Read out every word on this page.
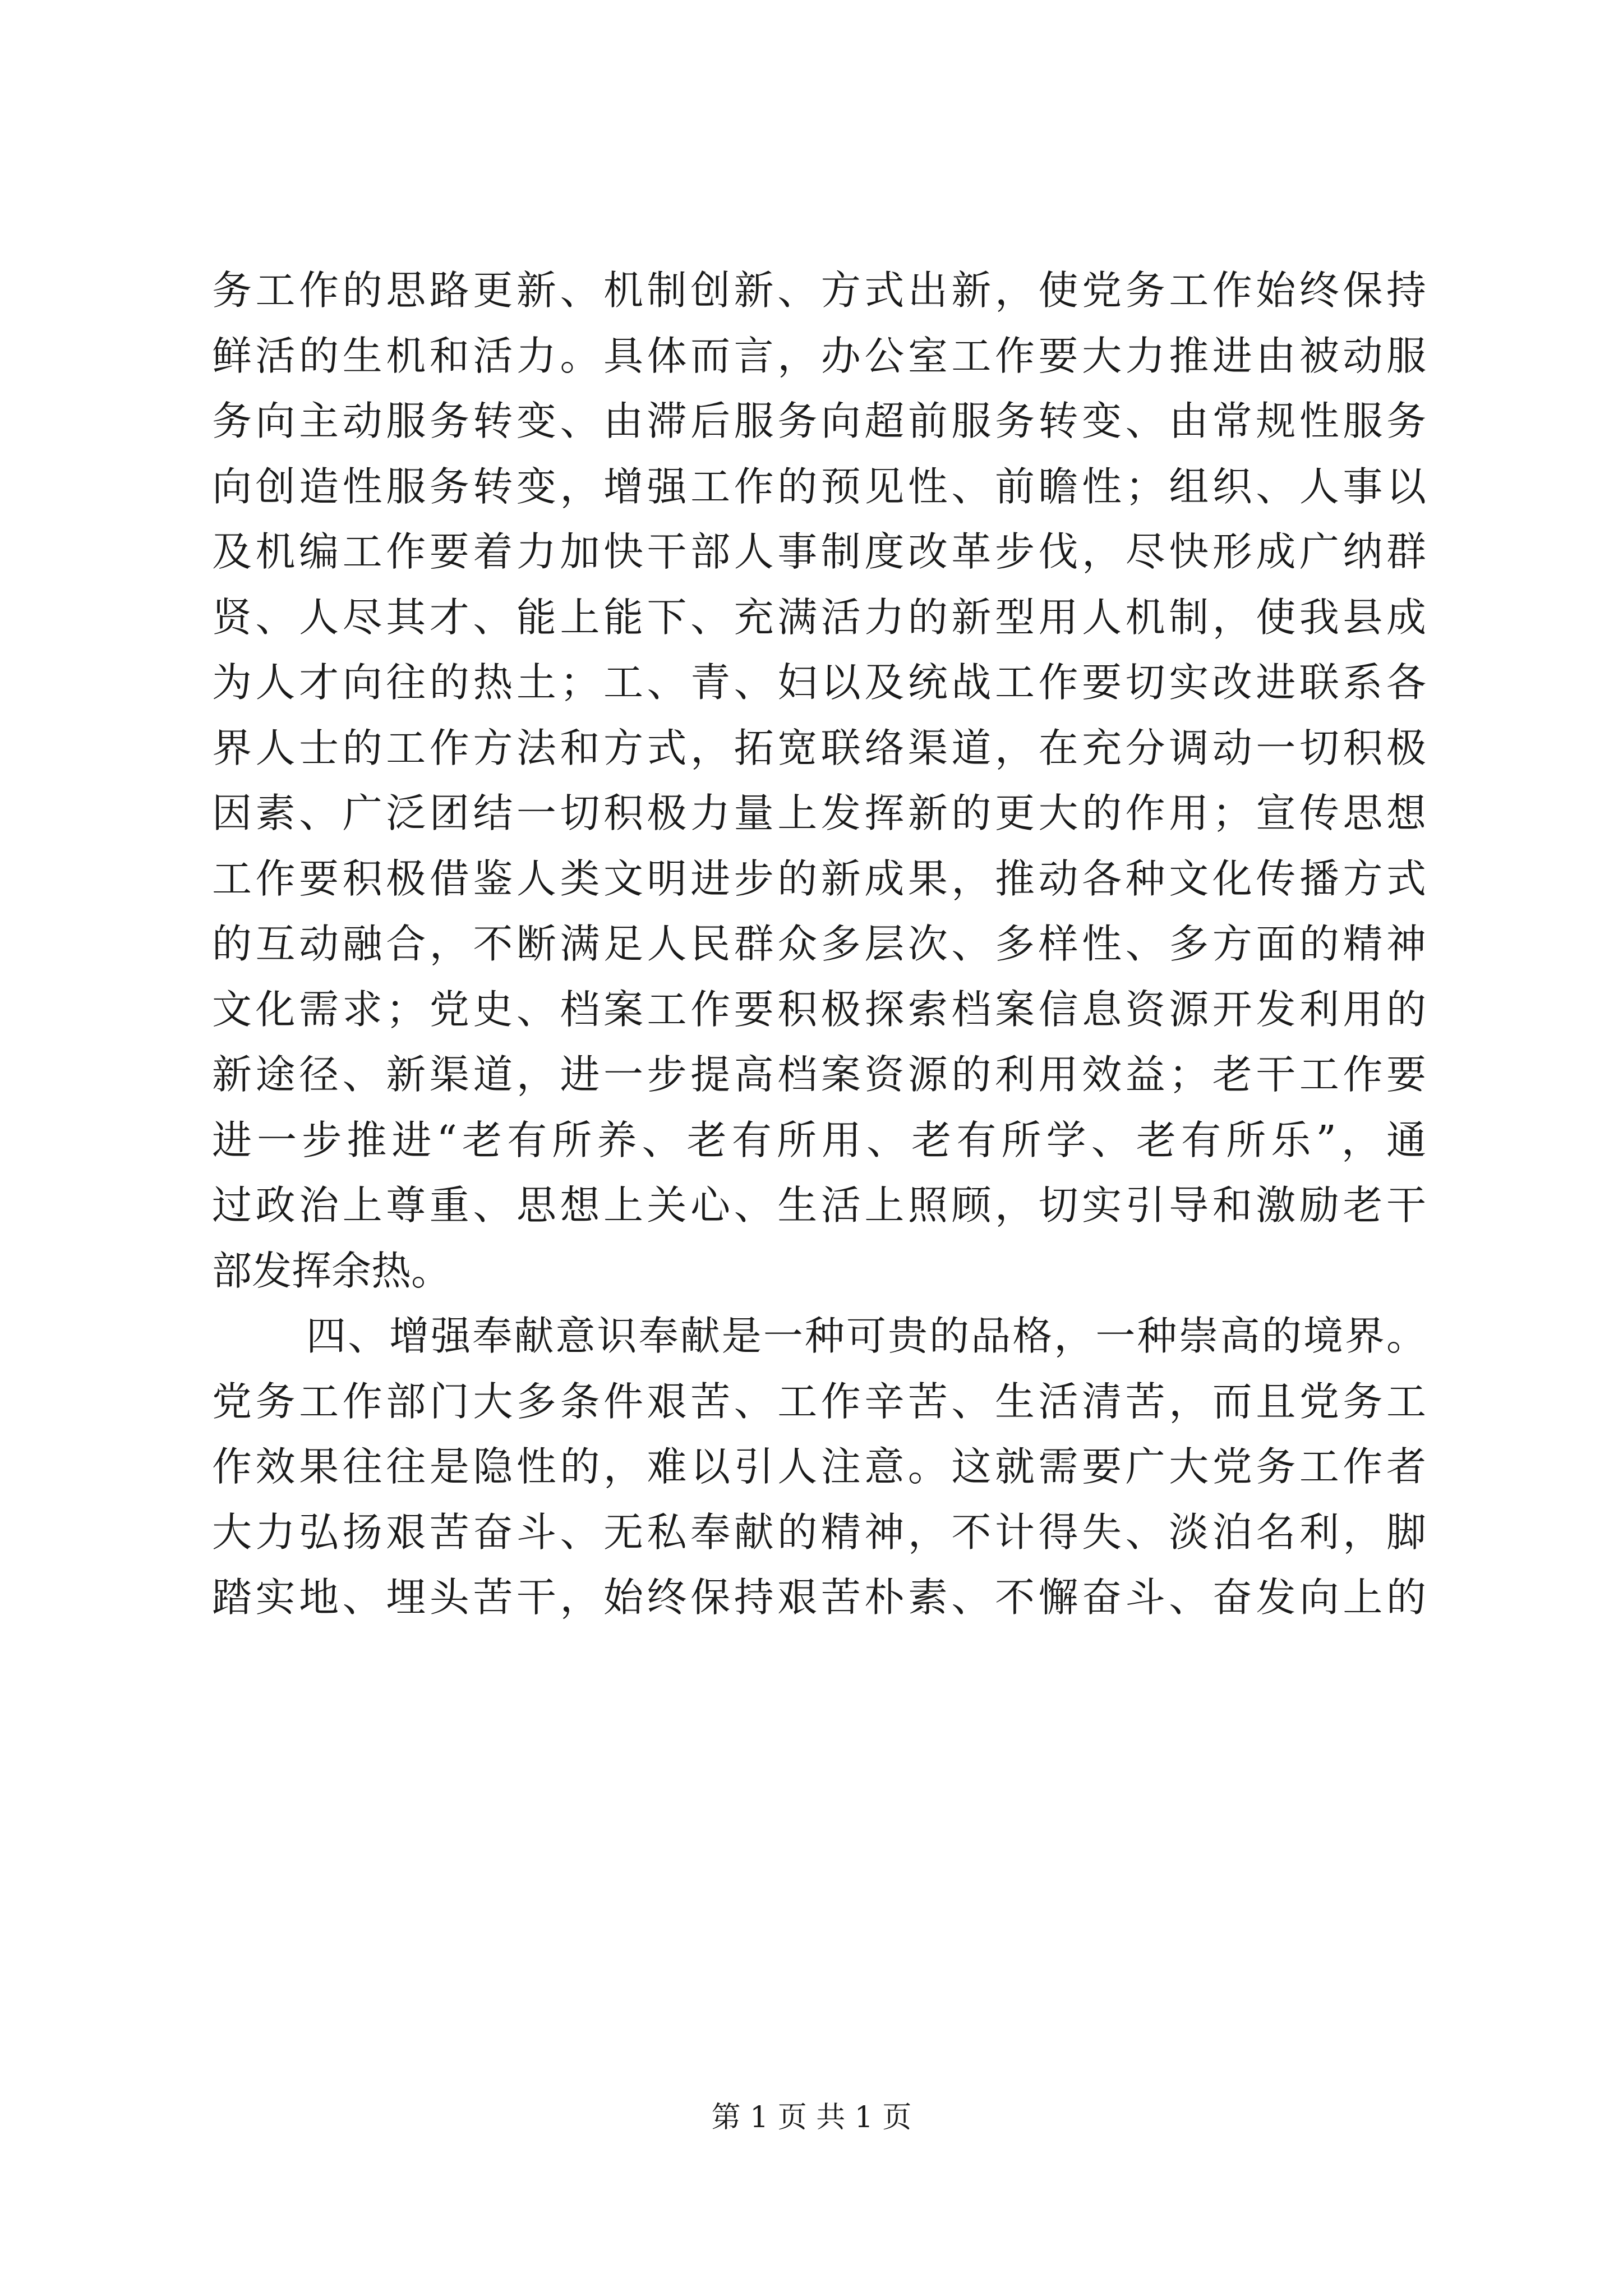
务工作的思路更新、机制创新、方式出新，使党务工作始终保持
鲜活的生机和活力。具体而言，办公室工作要大力推进由被动服
务向主动服务转变、由滞后服务向超前服务转变、由常规性服务
向创造性服务转变，增强工作的预见性、前瞻性；组织、人事以
及机编工作要着力加快干部人事制度改革步伐，尽快形成广纳群
贤、人尽其才、能上能下、充满活力的新型用人机制，使我县成
为人才向往的热土；工、青、妇以及统战工作要切实改进联系各
界人士的工作方法和方式，拓宽联络渠道，在充分调动一切积极
因素、广泛团结一切积极力量上发挥新的更大的作用；宣传思想
工作要积极借鉴人类文明进步的新成果，推动各种文化传播方式
的互动融合，不断满足人民群众多层次、多样性、多方面的精神
文化需求；党史、档案工作要积极探索档案信息资源开发利用的
新途径、新渠道，进一步提高档案资源的利用效益；老干工作要
进一步推进“老有所养、老有所用、老有所学、老有所乐”，通
过政治上尊重、思想上关心、生活上照顾，切实引导和激励老干
部发挥余热。
四、增强奉献意识奉献是一种可贵的品格，一种崇高的境界。
党务工作部门大多条件艰苦、工作辛苦、生活清苦，而且党务工
作效果往往是隐性的，难以引人注意。这就需要广大党务工作者
大力弘扬艰苦奋斗、无私奉献的精神，不计得失、淡泊名利，脚
踏实地、埋头苦干，始终保持艰苦朴素、不懈奋斗、奋发向上的
第 1 页 共 1 页
